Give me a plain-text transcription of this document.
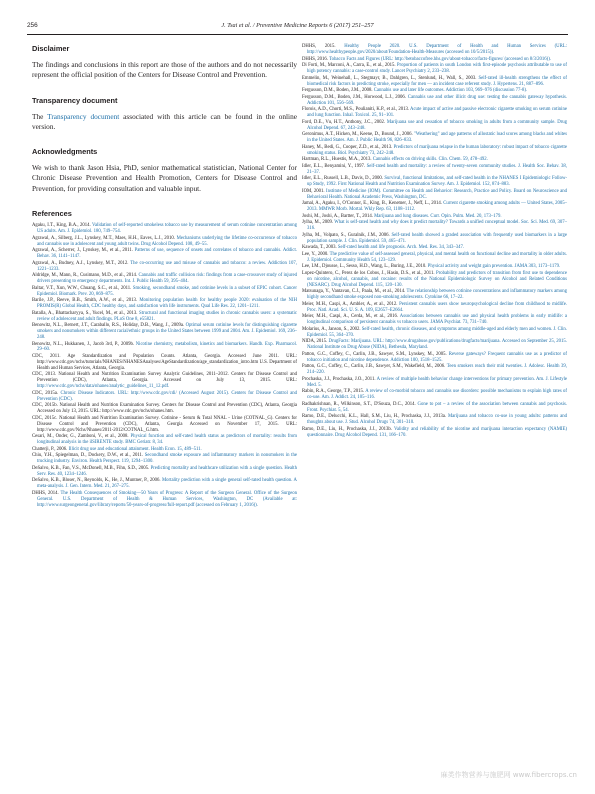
256	J. Tsai et al. / Preventive Medicine Reports 6 (2017) 251–257
Disclaimer

The findings and conclusions in this report are those of the authors and do not necessarily represent the official position of the Centers for Disease Control and Prevention.

Transparency document

The Transparency document associated with this article can be found in the online version.

Acknowledgments

We wish to thank Jason Hsia, PhD, senior mathematical statistician, National Center for Chronic Disease Prevention and Health Promotion, Centers for Disease Control and Prevention, for providing consultation and valuable input.

References
Agaku, I.T., King, B.A., 2014. Validation of self-reported smokeless tobacco use by measurement of serum cotinine concentration among US adults. Am. J. Epidemiol. 180, 749–754.
Agrawal, A., Silberg, J.L., Lynskey, M.T., Maes, H.H., Eaves, L.J., 2010. Mechanisms underlying the lifetime co-occurrence of tobacco and cannabis use in adolescent and young adult twins. Drug Alcohol Depend. 108, 49–55.
Agrawal, A., Scherrer, J., Lynskey, M., et al., 2011. Patterns of use, sequence of onsets and correlates of tobacco and cannabis. Addict. Behav. 36, 1141–1147.
Agrawal, A., Budney, A.J., Lynskey, M.T., 2012. The co-occurring use and misuse of cannabis and tobacco: a review. Addiction 107, 1221–1233.
Aldridge, M., Mann, R., Cusimano, M.D., et al., 2014. Cannabis and traffic collision risk: findings from a case-crossover study of injured drivers presenting to emergency departments. Int. J. Public Health 59, 395–404.
Baltar, V.T., Xun, W.W., Chuang, S.C., et al., 2011. Smoking, secondhand smoke, and cotinine levels in a subset of EPIC cohort. Cancer Epidemiol. Biomark. Prev. 20, 869–875.
Barile, J.P., Reeve, B.B., Smith, A.W., et al., 2013. Monitoring population health for healthy people 2020: evaluation of the NIH PROMIS(R) Global Health, CDC healthy days, and satisfaction with life instruments. Qual Life Res. 22, 1201–1211.
Batalla, A., Bhattacharyya, S., Yucel, M., et al., 2013. Structural and functional imaging studies in chronic cannabis users: a systematic review of adolescent and adult findings. PLoS One 8, e55821.
Benowitz, N.L., Bernert, J.T., Caraballo, R.S., Holiday, D.B., Wang, J., 2009a. Optimal serum cotinine levels for distinguishing cigarette smokers and nonsmokers within different racial/ethnic groups in the United States between 1999 and 2004. Am. J. Epidemiol. 169, 236–248.
Benowitz, N.L., Hukkanen, J., Jacob 3rd, P., 2009b. Nicotine chemistry, metabolism, kinetics and biomarkers. Handb. Exp. Pharmacol. 29–60.
CDC, 2011. Age Standardization and Population Counts. Atlanta, Georgia. Accessed June 2011. URL: http://www.cdc.gov/nchs/tutorials/NHANES/NHANESAnalyses/AgeStandardization/age_standardization_intro.htm U.S. Department of Health and Human Services, Atlanta, Georgia.
CDC, 2013. National Health and Nutrition Examination Survey Analytic Guidelines, 2011–2012. Centers for Disease Control and Prevention (CDC), Atlanta, Georgia. Accessed on July 13, 2015. URL: http://www.cdc.gov/nchs/data/nhanes/analytic_guidelines_11_12.pdf.
CDC, 2015a. Chronic Disease Indicators. URL: http://www.cdc.gov/cdi/ (Accessed August 2015). Centers for Disease Control and Prevention (CDC).
CDC, 2015b. National Health and Nutrition Examination Survey. Centers for Disease Control and Prevention (CDC), Atlanta, Georgia Accessed on July 13, 2015. URL: http://www.cdc.gov/nchs/nhanes.htm.
CDC, 2015c. National Health and Nutrition Examination Survey. Cotinine - Serum & Total NNAL - Urine (COTNAL_G). Centers for Disease Control and Prevention (CDC), Atlanta, Georgia Accessed on November 17, 2015. URL: http://www.cdc.gov/Nchs/Nhanes/2011-2012/COTNAL_G.htm.
Cesari, M., Onder, G., Zamboni, V., et al., 2008. Physical function and self-rated health status as predictors of mortality: results from longitudinal analysis in the ilSIRENTE study. BMC Geriatr. 8, 34.
Chatterji, P., 2006. Illicit drug use and educational attainment. Health Econ. 15, 489–511.
Chiu, Y.H., Spiegelman, D., Dockery, D.W., et al., 2011. Secondhand smoke exposure and inflammatory markers in nonsmokers in the trucking industry. Environ. Health Perspect. 119, 1294–1300.
DeSalvo, K.B., Fan, V.S., McDonell, M.B., Fihn, S.D., 2005. Predicting mortality and healthcare utilization with a single question. Health Serv. Res. 40, 1234–1246.
DeSalvo, K.B., Bloser, N., Reynolds, K., He, J., Muntner, P., 2006. Mortality prediction with a single general self-rated health question. A meta-analysis. J. Gen. Intern. Med. 21, 267–275.
DHHS, 2014. The Health Consequences of Smoking—50 Years of Progress: A Report of the Surgeon General. Office of the Surgeon General. U.S. Department of Health & Human Services, Washington, DC (Available at: http://www.surgeongeneral.gov/library/reports/50-years-of-progress/full-report.pdf (accessed on February 1, 2016)).
DHHS, 2015. Healthy People 2020. U.S. Department of Health and Human Services (URL: http://www.healthypeople.gov/2020/about/Foundation-Health-Measures (accessed on 10/5/2015)).
DHHS, 2016. Tobacco Facts and Figures (URL: http://betobaccofree.hhs.gov/about-tobacco/facts-figures/ (accessed on 8/3/2016)).
Di Forti, M., Marconi, A., Carra, E., et al., 2015. Proportion of patients in south London with first-episode psychosis attributable to use of high potency cannabis: a case-control study. Lancet Psychiatry 2, 233–238.
Emmelin, M., Weinehall, L., Stegmayr, B., Dahlgren, L., Stenlund, H., Wall, S., 2003. Self-rated ill-health strengthens the effect of biomedical risk factors in predicting stroke, especially for men — an incident case referent study. J. Hypertens. 21, 887–896.
Fergusson, D.M., Boden, J.M., 2008. Cannabis use and later life outcomes. Addiction 103, 969–976 (discussion 77-8).
Fergusson, D.M., Boden, J.M., Horwood, L.J., 2006. Cannabis use and other illicit drug use: testing the cannabis gateway hypothesis. Addiction 101, 556–569.
Florois, A.D., Chorti, M.S., Poulianiti, K.P., et al., 2013. Acute impact of active and passive electronic cigarette smoking on serum cotinine and lung function. Inhal. Toxicol. 25, 91–101.
Ford, D.E., Vu, H.T., Anthony, J.C., 2002. Marijuana use and cessation of tobacco smoking in adults from a community sample. Drug Alcohol Depend. 67, 243–248.
Geronimus, A.T., Hicken, M., Keene, D., Bound, J., 2006. "Weathering" and age patterns of allostatic load scores among blacks and whites in the United States. Am. J. Public Health 96, 826–833.
Haney, M., Bedi, G., Cooper, Z.D., et al., 2013. Predictors of marijuana relapse in the human laboratory: robust impact of tobacco cigarette smoking status. Biol. Psychiatry 73, 242–248.
Hartman, R.L., Huestis, M.A., 2013. Cannabis effects on driving skills. Clin. Chem. 59, 478–492.
Idler, E.L., Benyamini, Y., 1997. Self-rated health and mortality: a review of twenty-seven community studies. J. Health Soc. Behav. 38, 21–37.
Idler, E.L., Russell, L.B., Davis, D., 2000. Survival, functional limitations, and self-rated health in the NHANES I Epidemiologic Follow-up Study, 1992. First National Health and Nutrition Examination Survey. Am. J. Epidemiol. 152, 874–883.
IOM, 2001. Institute of Medicine (IOM). Committee on Health and Behavior: Research, Practice and Policy. Board on Neuroscience and Behavioral Health. National Academic Press, Washington, DC.
Jamal, A., Agaku, I., O'Connor, E., King, B., Kenemer, J., Neff, L., 2014. Current cigarette smoking among adults — United States, 2005–2013. MMWR Morb. Mortal. Wkly Rep. 63, 1108–1112.
Joshi, M., Joshi, A., Bartter, T., 2014. Marijuana and lung diseases. Curr. Opin. Pulm. Med. 20, 173–179.
Jylha, M., 2009. What is self-rated health and why does it predict mortality? Towards a unified conceptual model. Soc. Sci. Med. 69, 307–316.
Jylha, M., Volpato, S., Guralnik, J.M., 2006. Self-rated health showed a graded association with frequently used biomarkers in a large population sample. J. Clin. Epidemiol. 59, 465–471.
Kawada, T., 2003. Self-rated health and life prognosis. Arch. Med. Res. 34, 343–347.
Lee, Y., 2000. The predictive value of self-assessed general, physical, and mental health on functional decline and mortality in older adults. J. Epidemiol. Community Health 54, 123–129.
Lee, I.M., Djousse, L., Sesso, H.D., Wang, L., Buring, J.E., 2010. Physical activity and weight gain prevention. JAMA 303, 1173–1179.
Lopez-Quintero, C., Perez de los Cobos, J., Hasin, D.S., et al., 2011. Probability and predictors of transition from first use to dependence on nicotine, alcohol, cannabis, and cocaine: results of the National Epidemiologic Survey on Alcohol and Related Conditions (NESARC). Drug Alcohol Depend. 115, 120–130.
Matsunaga, Y., Vantavan, C.J., Paala, M., et al., 2014. The relationship between cotinine concentrations and inflammatory markers among highly secondhand smoke exposed non-smoking adolescents. Cytokine 66, 17–22.
Meier, M.H., Caspi, A., Ambler, A., et al., 2012. Persistent cannabis users show neuropsychological decline from childhood to midlife. Proc. Natl. Acad. Sci. U. S. A. 109, E2657–E2664.
Meier, M.H., Caspi, A., Cerda, M., et al., 2016. Associations between cannabis use and physical health problems in early midlife: a longitudinal comparison of persistent cannabis vs tobacco users. JAMA Psychiat. 73, 731–740.
Molarius, A., Janson, S., 2002. Self-rated health, chronic diseases, and symptoms among middle-aged and elderly men and women. J. Clin. Epidemiol. 55, 364–370.
NIDA, 2015. DrugFacts: Marijuana. URL: http://www.drugabuse.gov/publications/drugfacts/marijuana. Accessed on September 25, 2015. National Institute on Drug Abuse (NIDA), Bethesda, Maryland.
Patton, G.C., Coffey, C., Carlin, J.B., Sawyer, S.M., Lynskey, M., 2005. Reverse gateways? Frequent cannabis use as a predictor of tobacco initiation and nicotine dependence. Addiction 100, 1518–1525.
Patton, G.C., Coffey, C., Carlin, J.B., Sawyer, S.M., Wakefield, M., 2006. Teen smokers reach their mid twenties. J. Adolesc. Health 39, 214–220.
Prochaska, J.J., Prochaska, J.O., 2011. A review of multiple health behavior change interventions for primary prevention. Am. J. Lifestyle Med. 5.
Rabin, R.A., George, T.P., 2015. A review of co-morbid tobacco and cannabis use disorders: possible mechanisms to explain high rates of co-use. Am. J. Addict. 24, 105–116.
Radhakrishnan, R., Wilkinson, S.T., D'Souza, D.C., 2014. Gone to pot – a review of the association between cannabis and psychosis. Front. Psychiat. 5, 54.
Ramo, D.E., Delucchi, K.L., Hall, S.M., Liu, H., Prochaska, J.J., 2013a. Marijuana and tobacco co-use in young adults: patterns and thoughts about use. J. Stud. Alcohol Drugs 74, 301–310.
Ramo, D.E., Liu, H., Prochaska, J.J., 2013b. Validity and reliability of the nicotine and marijuana interaction expectancy (NAMIE) questionnaire. Drug Alcohol Depend. 131, 166–170.
麻类作物营养与施肥网 www.fibercrops.cn
